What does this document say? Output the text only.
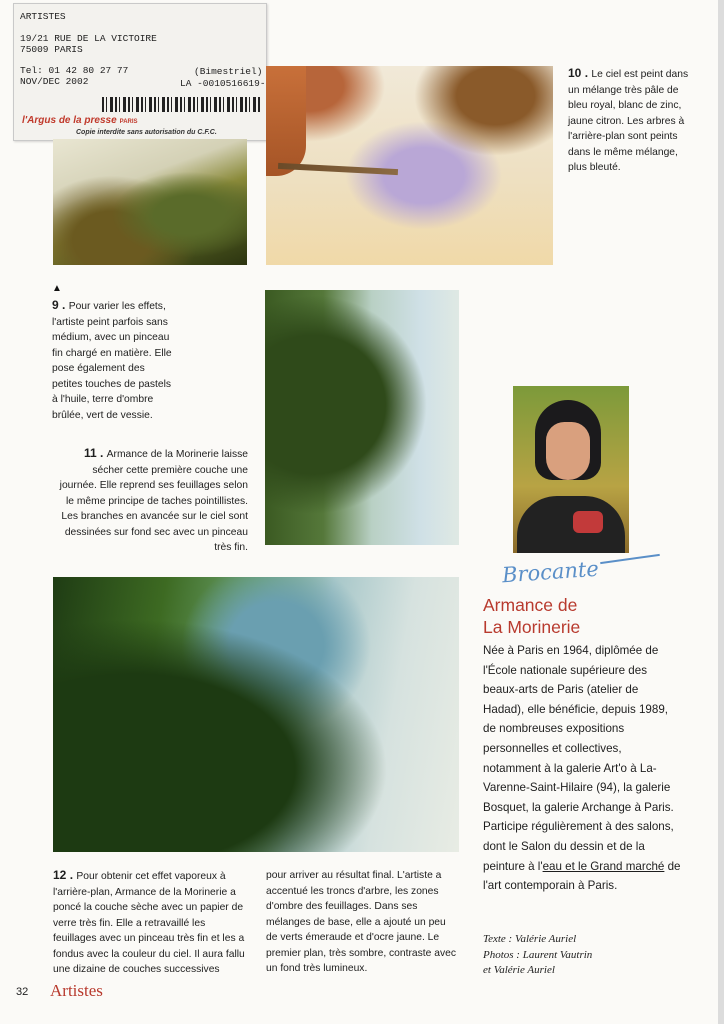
ARTISTES
19/21 RUE DE LA VICTOIRE
75009 PARIS
Tel: 01 42 80 27 77
NOV/DEC 2002
(Bimestriel)
LA -0010516619-
l'Argus de la presse PARIS
Copie interdite sans autorisation du C.F.C.
10 . Le ciel est peint dans un mélange très pâle de bleu royal, blanc de zinc, jaune citron. Les arbres à l'arrière-plan sont peints dans le même mélange, plus bleuté.
▲
9 . Pour varier les effets, l'artiste peint parfois sans médium, avec un pinceau fin chargé en matière. Elle pose également des petites touches de pastels à l'huile, terre d'ombre brûlée, vert de vessie.
11 . Armance de la Morinerie laisse sécher cette première couche une journée. Elle reprend ses feuillages selon le même principe de taches pointillistes. Les branches en avancée sur le ciel sont dessinées sur fond sec avec un pinceau très fin.
12 . Pour obtenir cet effet vaporeux à l'arrière-plan, Armance de la Morinerie a poncé la couche sèche avec un papier de verre très fin. Elle a retravaillé les feuillages avec un pinceau très fin et les a fondus avec la couleur du ciel. Il aura fallu une dizaine de couches successives
pour arriver au résultat final. L'artiste a accentué les troncs d'arbre, les zones d'ombre des feuillages. Dans ses mélanges de base, elle a ajouté un peu de verts émeraude et d'ocre jaune. Le premier plan, très sombre, contraste avec un fond très lumineux.
Brocante
Armance de
La Morinerie
Née à Paris en 1964, diplômée de l'École nationale supérieure des beaux-arts de Paris (atelier de Hadad), elle bénéficie, depuis 1989, de nombreuses expositions personnelles et collectives, notamment à la galerie Art'o à La-Varenne-Saint-Hilaire (94), la galerie Bosquet, la galerie Archange à Paris. Participe régulièrement à des salons, dont le Salon du dessin et de la peinture à l'eau et le Grand marché de l'art contemporain à Paris.
Texte : Valérie Auriel
Photos : Laurent Vautrin
et Valérie Auriel
32 Artistes
